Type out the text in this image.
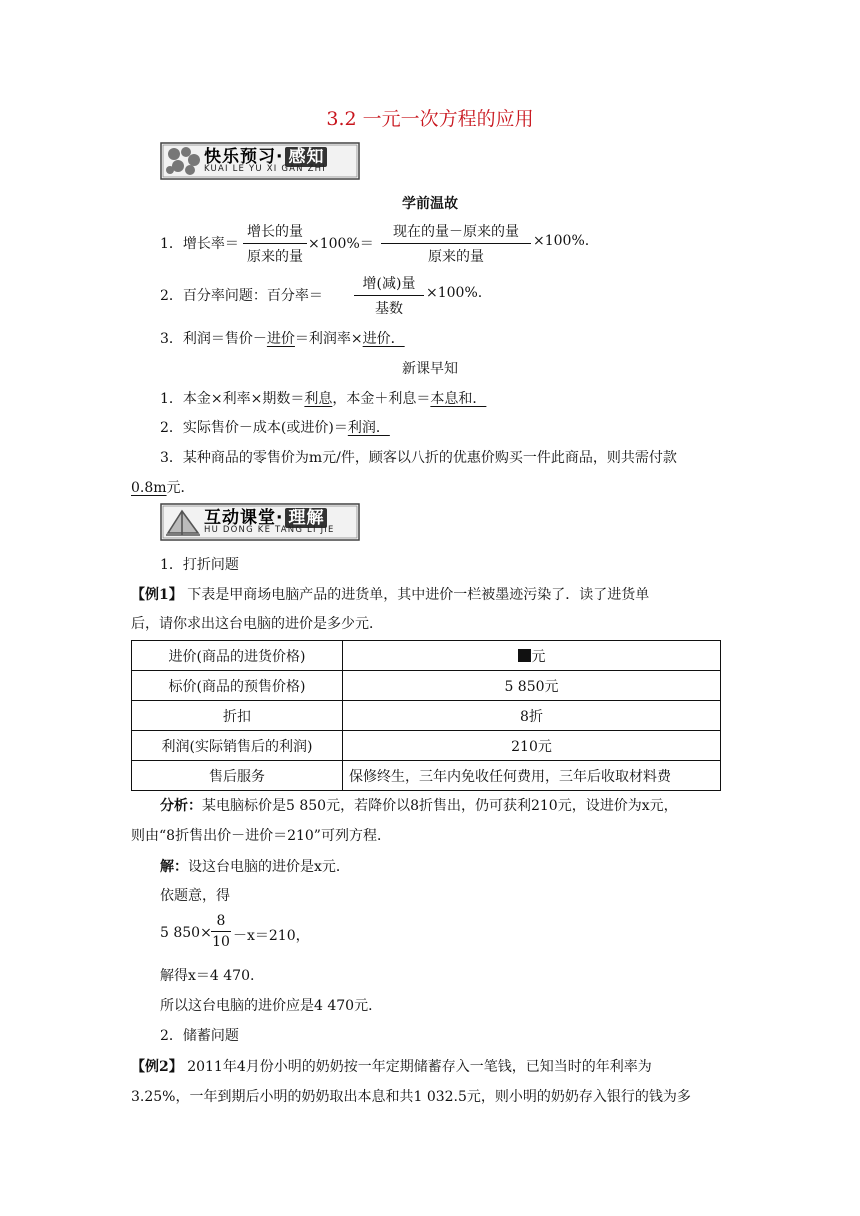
3.2 一元一次方程的应用
快乐预习· 感知
KUAI LE YU XI GAN ZHI
学前温故
1．增长率＝
增长的量
原来的量
×100%＝
现在的量－原来的量
原来的量
×100%.
2．百分率问题：百分率＝
增(减)量
基数
×100%.
3．利润＝售价－进价＝利润率×进价．
新课早知
1．本金×利率×期数＝利息，本金＋利息＝本息和．
2．实际售价－成本(或进价)＝利润．
3．某种商品的零售价为m元/件，顾客以八折的优惠价购买一件此商品，则共需付款
0.8m元．
互动课堂· 理解
HU DONG KE TANG LI JIE
1．打折问题
【例1】 下表是甲商场电脑产品的进货单，其中进价一栏被墨迹污染了．读了进货单
后，请你求出这台电脑的进价是多少元．
进价(商品的进货价格)	元
标价(商品的预售价格)	5 850元
折扣	8折
利润(实际销售后的利润)	210元
售后服务	保修终生，三年内免收任何费用，三年后收取材料费
分析：某电脑标价是5 850元，若降价以8折售出，仍可获利210元，设进价为x元，
则由“8折售出价－进价＝210”可列方程．
解：设这台电脑的进价是x元．
依题意，得
5 $850\times \frac{8}{10} -x=210$，
解得x＝4 470.
所以这台电脑的进价应是4 470元．
2．储蓄问题
【例2】 2011年4月份小明的奶奶按一年定期储蓄存入一笔钱，已知当时的年利率为
3.25%，一年到期后小明的奶奶取出本息和共1 032.5元，则小明的奶奶存入银行的钱为多
